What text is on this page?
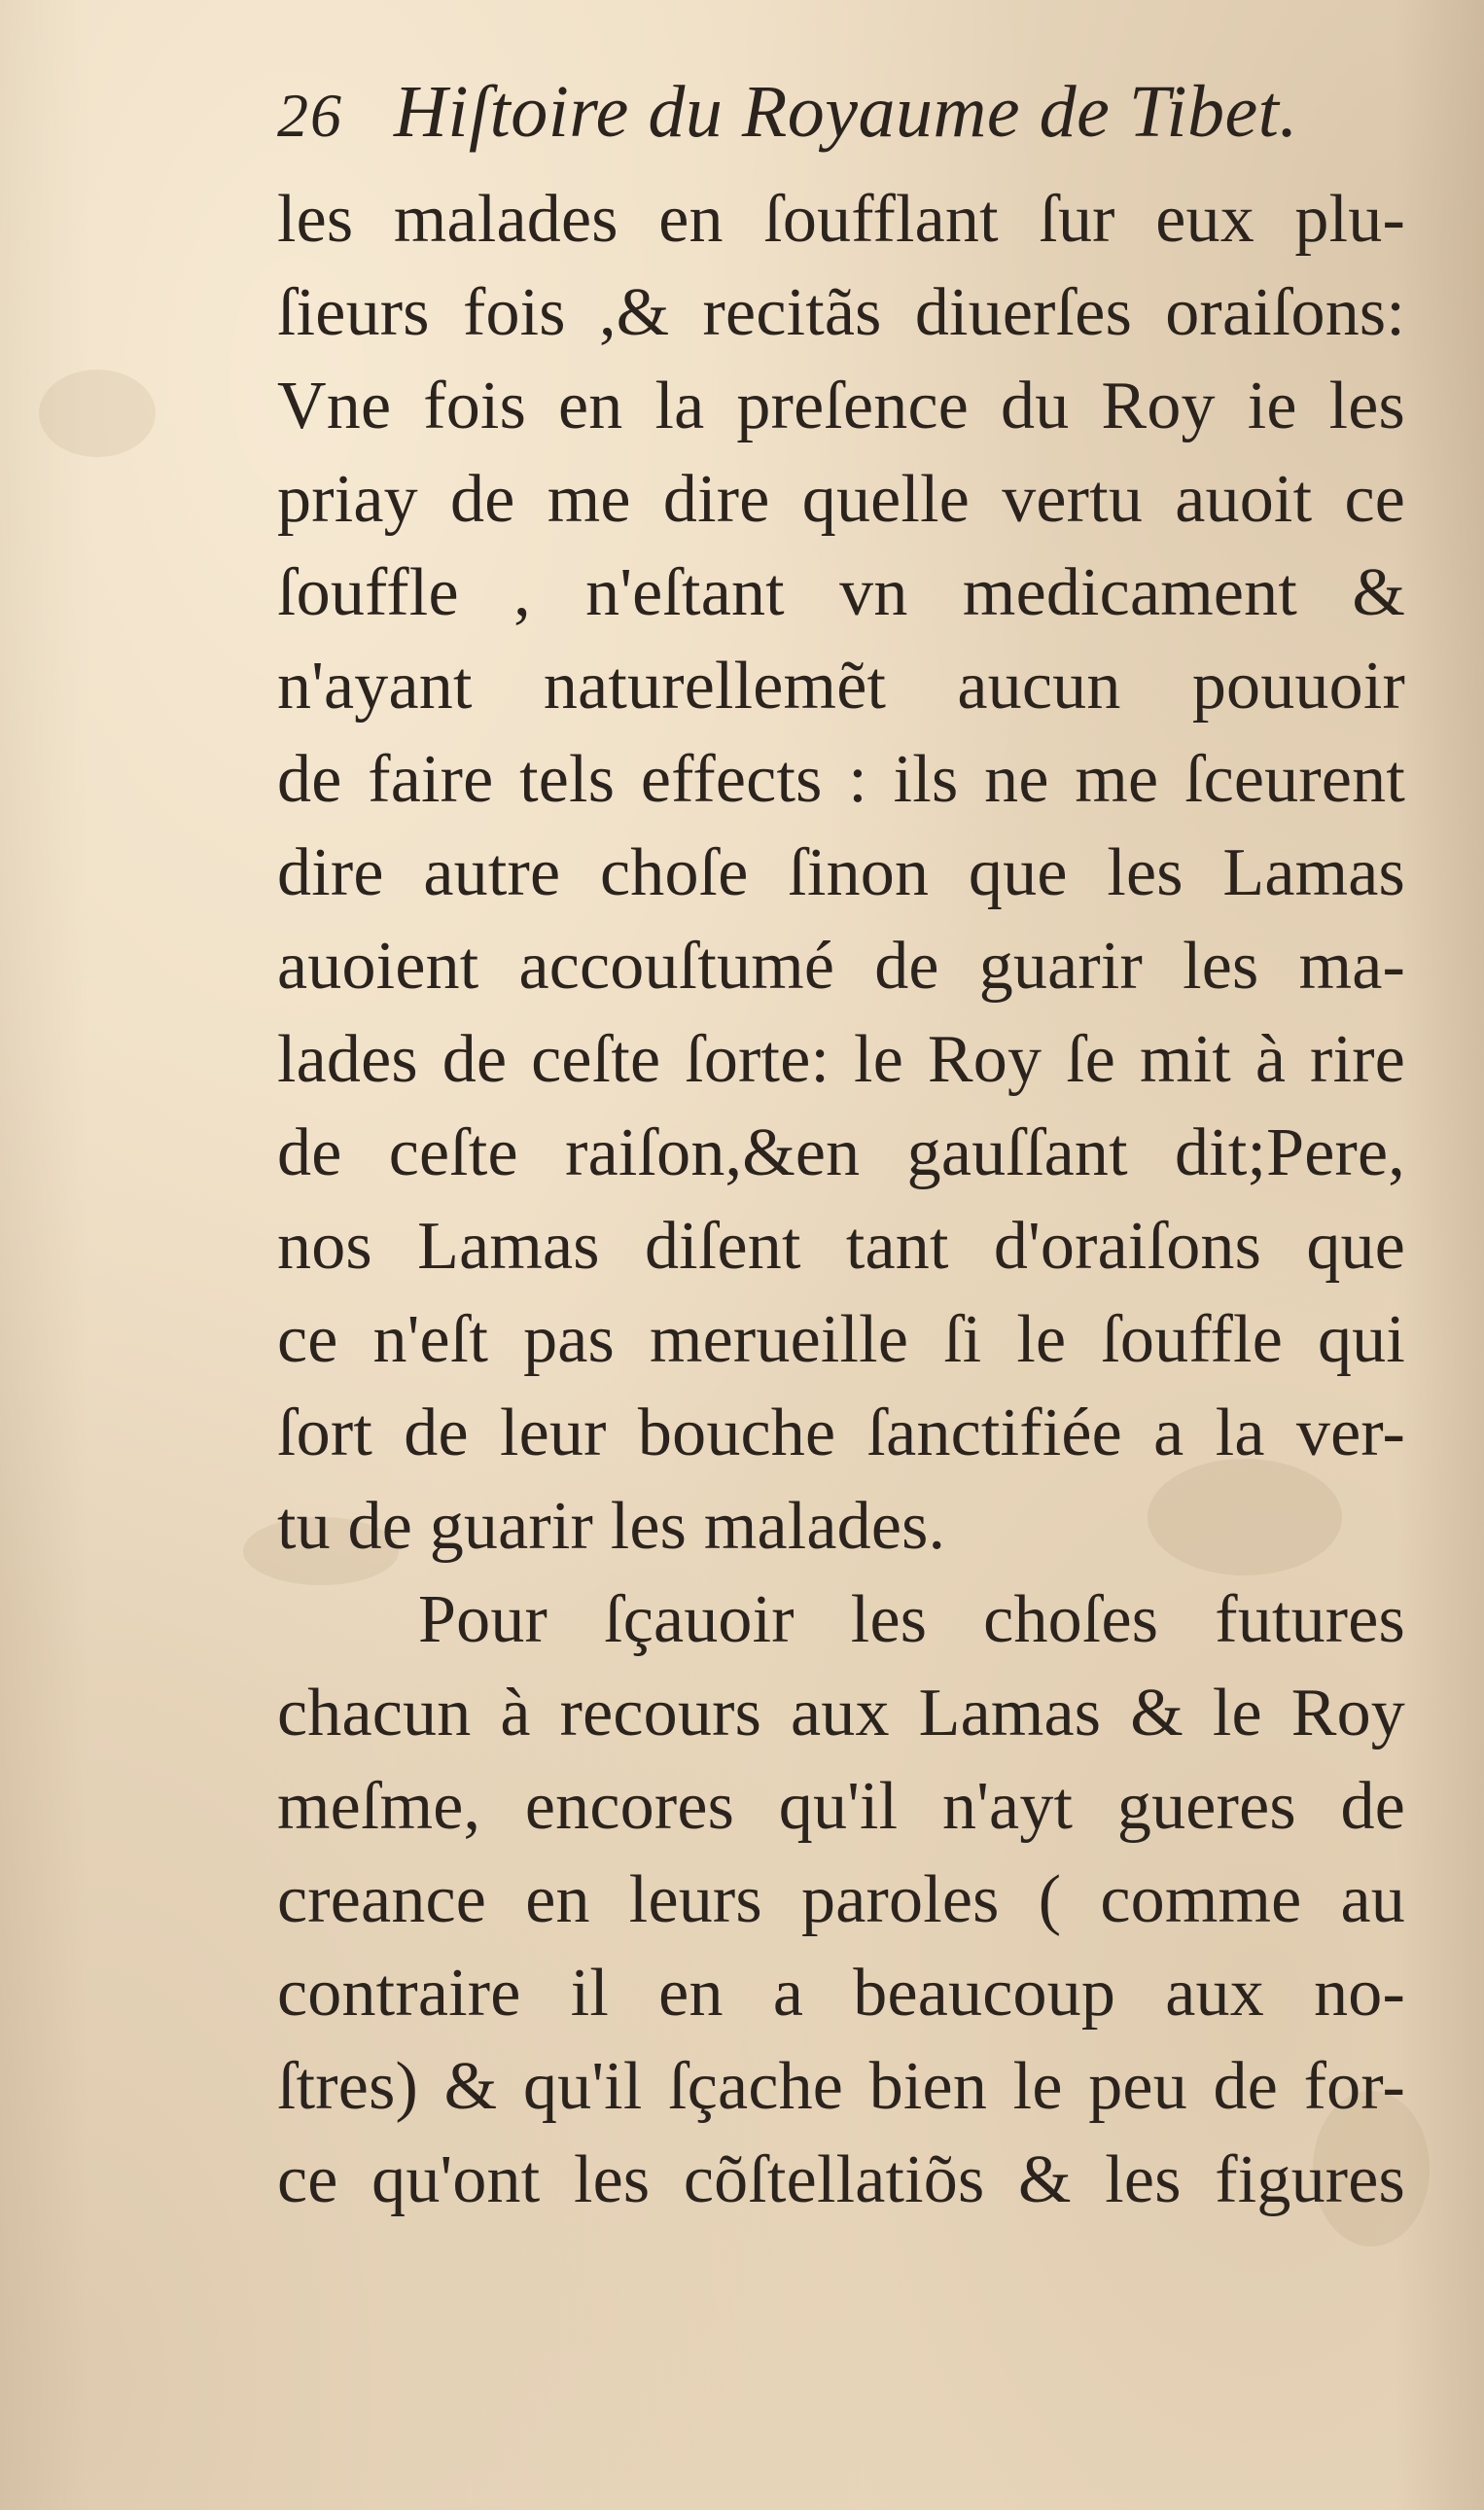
26 Hiſtoire du Royaume de Tibet.
les malades en ſoufflant ſur eux plu-
ſieurs fois ,& recitãs diuerſes oraiſons:
Vne fois en la preſence du Roy ie les
priay de me dire quelle vertu auoit ce
ſouffle , n'eſtant vn medicament &
n'ayant naturellemẽt aucun pouuoir
de faire tels effects : ils ne me ſceurent
dire autre choſe ſinon que les Lamas
auoient accouſtumé de guarir les ma-
lades de ceſte ſorte: le Roy ſe mit à rire
de ceſte raiſon,&en gauſſant dit;Pere,
nos Lamas diſent tant d'oraiſons que
ce n'eſt pas merueille ſi le ſouffle qui
ſort de leur bouche ſanctifiée a la ver-
tu de guarir les malades.
Pour ſçauoir les choſes futures
chacun à recours aux Lamas & le Roy
meſme, encores qu'il n'ayt gueres de
creance en leurs paroles ( comme au
contraire il en a beaucoup aux no-
ſtres) & qu'il ſçache bien le peu de for-
ce qu'ont les cõſtellatiõs & les figures
